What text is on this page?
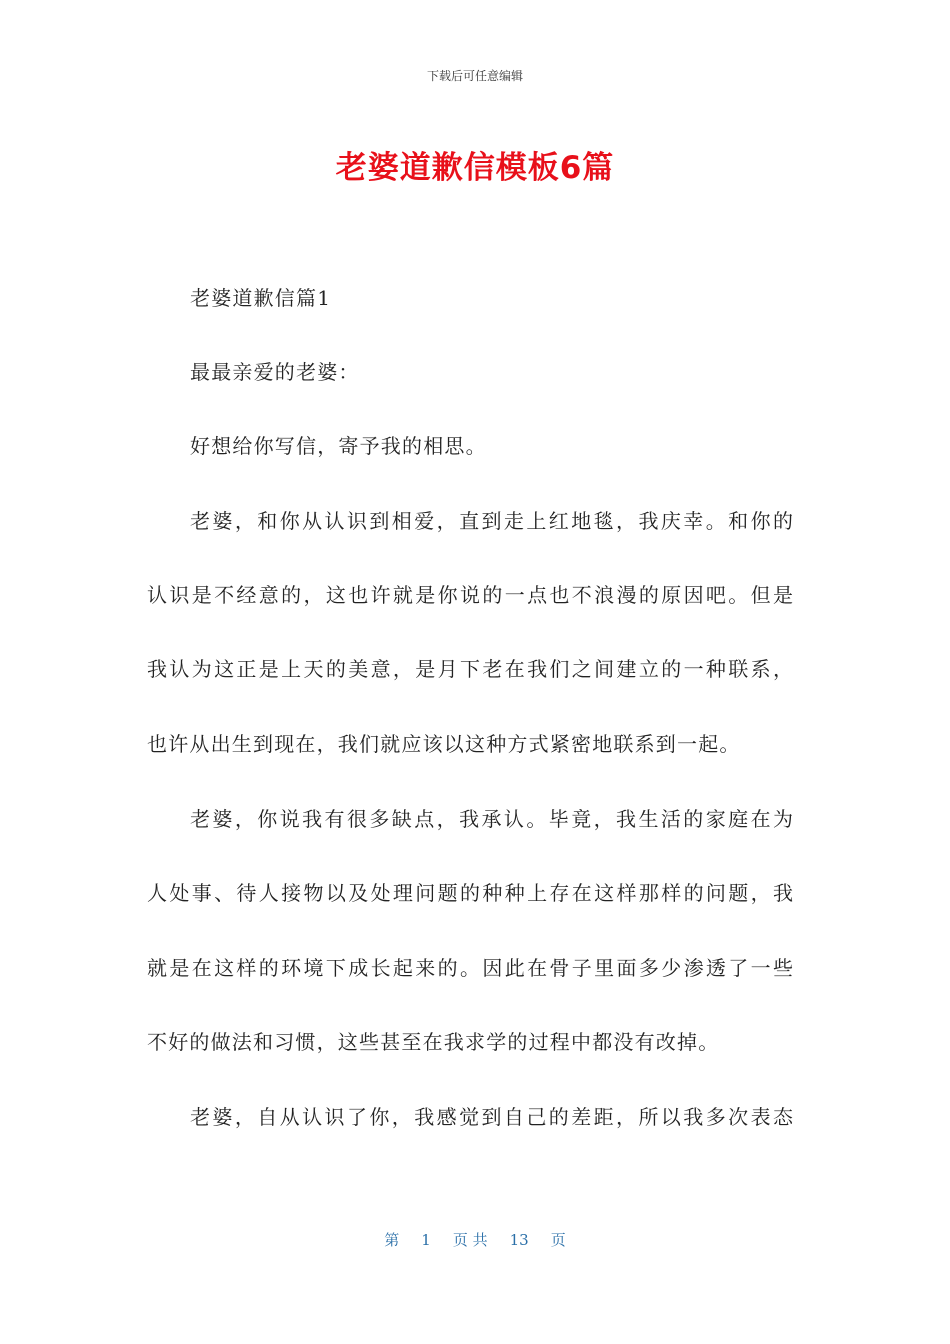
下载后可任意编辑
老婆道歉信模板6篇
老婆道歉信篇1
最最亲爱的老婆：
好想给你写信，寄予我的相思。
老婆，和你从认识到相爱，直到走上红地毯，我庆幸。和你的
认识是不经意的，这也许就是你说的一点也不浪漫的原因吧。但是
我认为这正是上天的美意，是月下老在我们之间建立的一种联系，
也许从出生到现在，我们就应该以这种方式紧密地联系到一起。
老婆，你说我有很多缺点，我承认。毕竟，我生活的家庭在为
人处事、待人接物以及处理问题的种种上存在这样那样的问题，我
就是在这样的环境下成长起来的。因此在骨子里面多少渗透了一些
不好的做法和习惯，这些甚至在我求学的过程中都没有改掉。
老婆，自从认识了你，我感觉到自己的差距，所以我多次表态
第 1 页 共 13 页
